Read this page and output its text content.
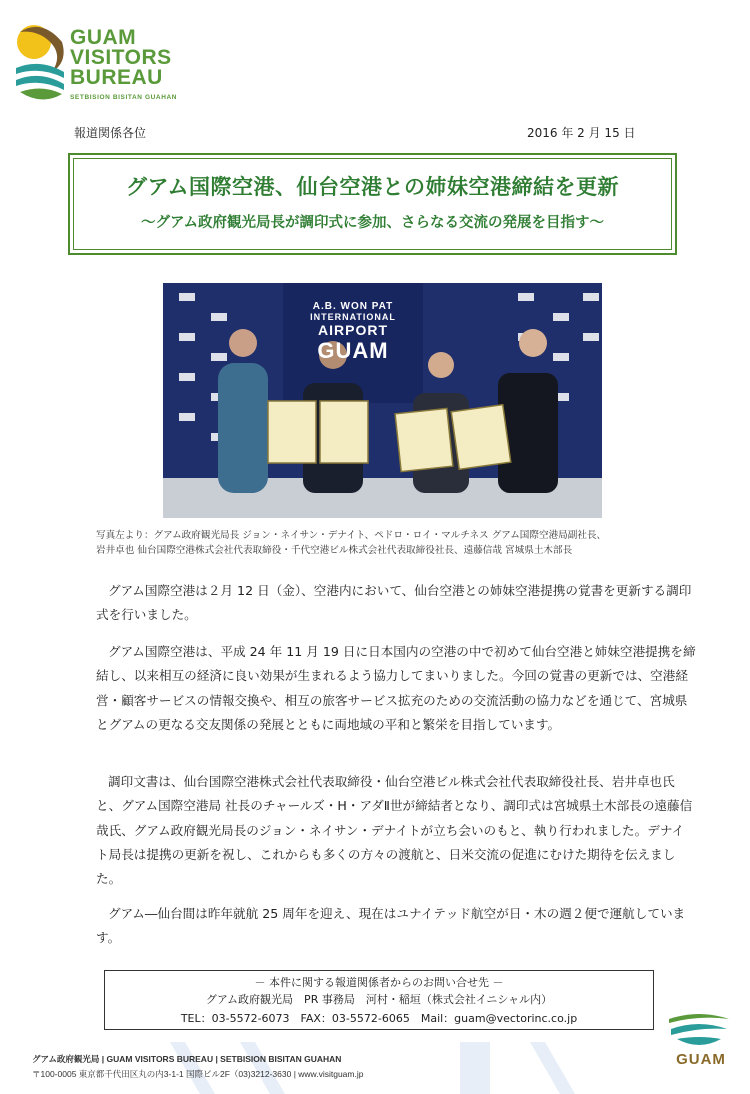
GUAM
VISITORS
BUREAU
SETBISION BISITAN GUAHAN
報道関係各位	2016 年 2 月 15 日
グアム国際空港、仙台空港との姉妹空港締結を更新
～グアム政府観光局長が調印式に参加、さらなる交流の発展を目指す～
A.B. WON PAT
INTERNATIONAL
AIRPORT
GUAM
写真左より：グアム政府観光局長 ジョン・ネイサン・デナイト、ペドロ・ロイ・マルチネス グアム国際空港局副社長、
岩井卓也 仙台国際空港株式会社代表取締役・千代空港ビル株式会社代表取締役社長、遠藤信哉 宮城県土木部長

グアム国際空港は２月 12 日（金）、空港内において、仙台空港との姉妹空港提携の覚書を更新する調印式を行いました。

グアム国際空港は、平成 24 年 11 月 19 日に日本国内の空港の中で初めて仙台空港と姉妹空港提携を締結し、以来相互の経済に良い効果が生まれるよう協力してまいりました。今回の覚書の更新では、空港経営・顧客サービスの情報交換や、相互の旅客サービス拡充のための交流活動の協力などを通じて、宮城県とグアムの更なる交友関係の発展とともに両地域の平和と繁栄を目指しています。

調印文書は、仙台国際空港株式会社代表取締役・仙台空港ビル株式会社代表取締役社長、岩井卓也氏と、グアム国際空港局 社長のチャールズ・H・アダⅡ世が締結者となり、調印式は宮城県土木部長の遠藤信哉氏、グアム政府観光局長のジョン・ネイサン・デナイトが立ち会いのもと、執り行われました。デナイト局長は提携の更新を祝し、これからも多くの方々の渡航と、日米交流の促進にむけた期待を伝えました。

グアム―仙台間は昨年就航 25 周年を迎え、現在はユナイテッド航空が日・木の週２便で運航しています。

－ 本件に関する報道関係者からのお問い合せ先 －
グアム政府観光局　PR 事務局　河村・稲垣（株式会社イニシャル内）
TEL：03-5572-6073　FAX：03-5572-6065　Mail：guam@vectorinc.co.jp
グアム政府観光局 | GUAM VISITORS BUREAU | SETBISION BISITAN GUAHAN
〒100-0005 東京都千代田区丸の内3-1-1 国際ビル2F（03)3212-3630 | www.visitguam.jp
GUAM
